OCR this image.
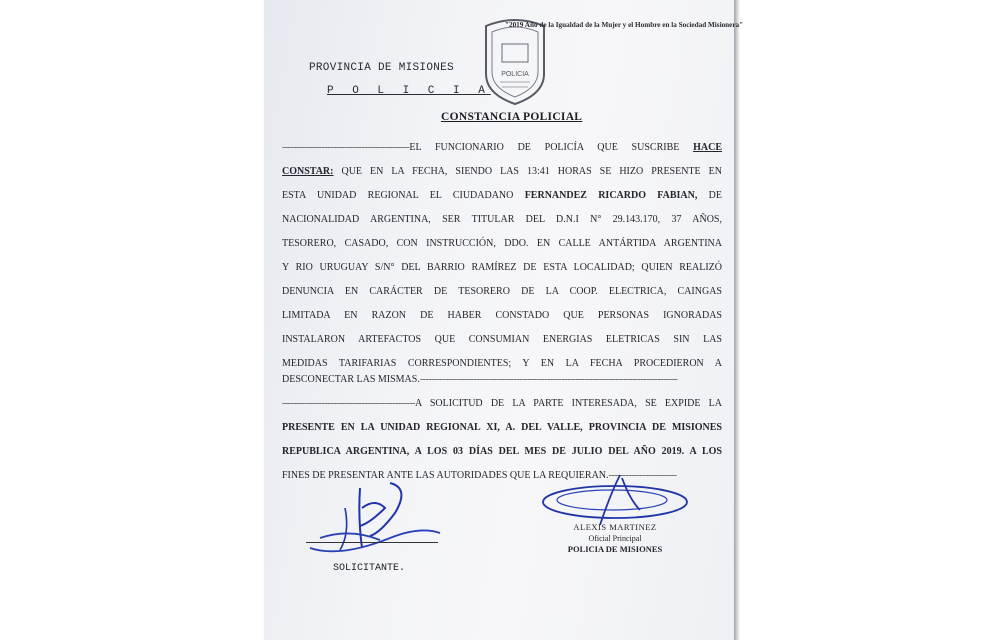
PROVINCIA DE MISIONES
P O L I C I A
POLICIA
"2019 Año de la Igualdad de la Mujer y el Hombre en la Sociedad Misionera"
CONSTANCIA POLICIAL
---------------------------------------------EL FUNCIONARIO DE POLICÍA QUE SUSCRIBE HACE
CONSTAR: QUE EN LA FECHA, SIENDO LAS 13:41 HORAS SE HIZO PRESENTE EN
ESTA UNIDAD REGIONAL EL CIUDADANO FERNANDEZ RICARDO FABIAN, DE
NACIONALIDAD ARGENTINA, SER TITULAR DEL D.N.I N° 29.143.170, 37 AÑOS,
TESORERO, CASADO, CON INSTRUCCIÓN, DDO. EN CALLE ANTÁRTIDA ARGENTINA
Y RIO URUGUAY S/N° DEL BARRIO RAMÍREZ DE ESTA LOCALIDAD; QUIEN REALIZÓ
DENUNCIA EN CARÁCTER DE TESORERO DE LA COOP. ELECTRICA, CAINGAS
LIMITADA EN RAZON DE HABER CONSTADO QUE PERSONAS IGNORADAS
INSTALARON ARTEFACTOS QUE CONSUMIAN ENERGIAS ELETRICAS SIN LAS
MEDIDAS TARIFARIAS CORRESPONDIENTES; Y EN LA FECHA PROCEDIERON A
DESCONECTAR LAS MISMAS.-------------------------------------------------------------------------------------------
-----------------------------------------------A SOLICITUD DE LA PARTE INTERESADA, SE EXPIDE LA
PRESENTE EN LA UNIDAD REGIONAL XI, A. DEL VALLE, PROVINCIA DE MISIONES
REPUBLICA ARGENTINA, A LOS 03 DÍAS DEL MES DE JULIO DEL AÑO 2019. A LOS
FINES DE PRESENTAR ANTE LAS AUTORIDADES QUE LA REQUIERAN.------------------------
SOLICITANTE.
ALEXIS MARTINEZ
Oficial Principal
POLICIA DE MISIONES
